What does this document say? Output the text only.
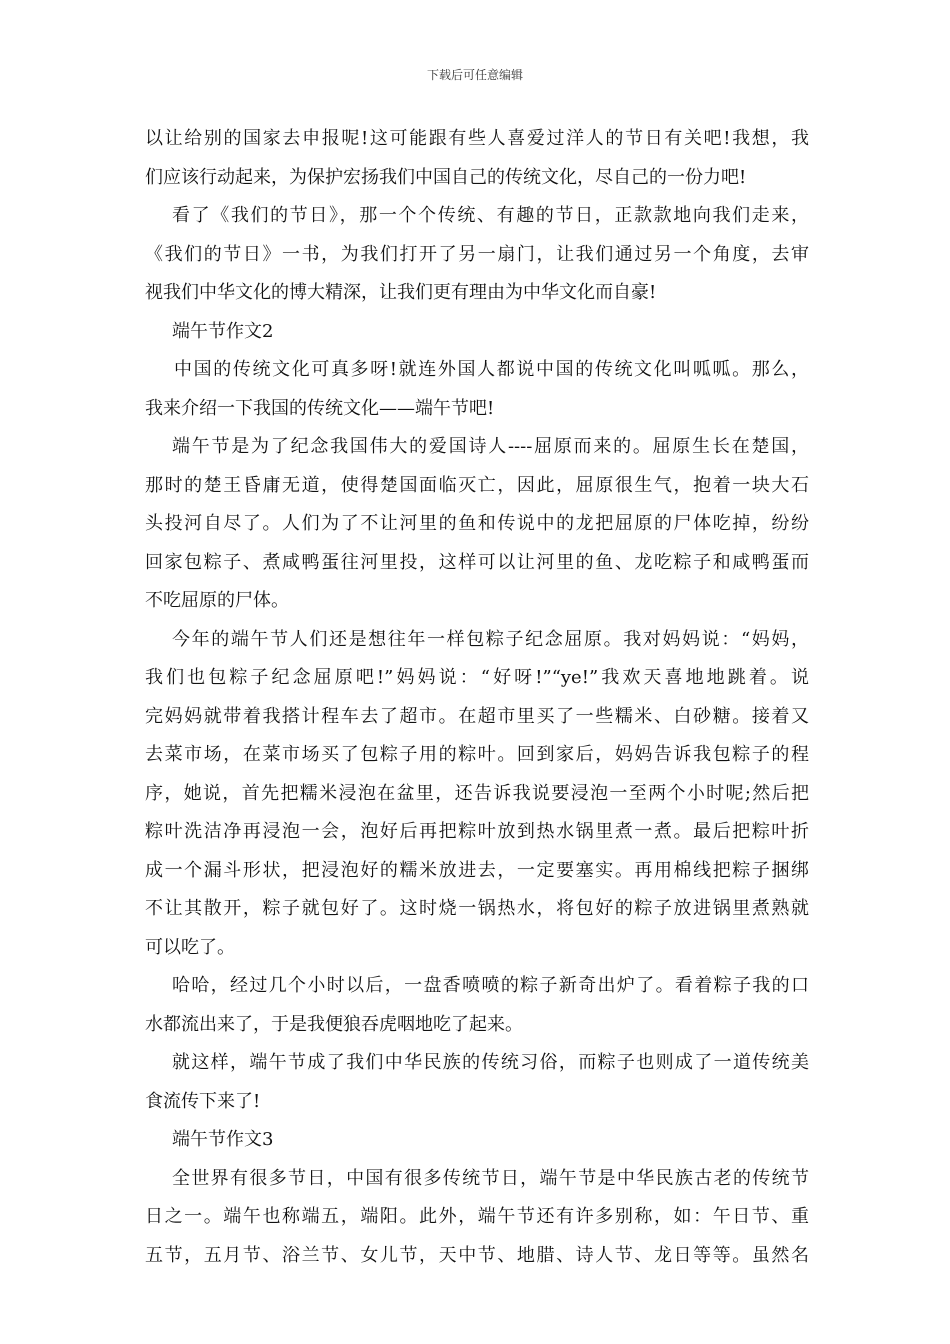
下载后可任意编辑
以让给别的国家去申报呢!这可能跟有些人喜爱过洋人的节日有关吧!我想，我
们应该行动起来，为保护宏扬我们中国自己的传统文化，尽自己的一份力吧!
看了《我们的节日》，那一个个传统、有趣的节日，正款款地向我们走来，
《我们的节日》一书，为我们打开了另一扇门，让我们通过另一个角度，去审
视我们中华文化的博大精深，让我们更有理由为中华文化而自豪!
端午节作文2
中国的传统文化可真多呀!就连外国人都说中国的传统文化叫呱呱。那么，
我来介绍一下我国的传统文化——端午节吧!
端午节是为了纪念我国伟大的爱国诗人----屈原而来的。屈原生长在楚国，
那时的楚王昏庸无道，使得楚国面临灭亡，因此，屈原很生气，抱着一块大石
头投河自尽了。人们为了不让河里的鱼和传说中的龙把屈原的尸体吃掉，纷纷
回家包粽子、煮咸鸭蛋往河里投，这样可以让河里的鱼、龙吃粽子和咸鸭蛋而
不吃屈原的尸体。
今年的端午节人们还是想往年一样包粽子纪念屈原。我对妈妈说：“妈妈，
我们也包粽子纪念屈原吧!”妈妈说：“好呀!”“ye!”我欢天喜地地跳着。说
完妈妈就带着我搭计程车去了超市。在超市里买了一些糯米、白砂糖。接着又
去菜市场，在菜市场买了包粽子用的粽叶。回到家后，妈妈告诉我包粽子的程
序，她说，首先把糯米浸泡在盆里，还告诉我说要浸泡一至两个小时呢;然后把
粽叶洗洁净再浸泡一会，泡好后再把粽叶放到热水锅里煮一煮。最后把粽叶折
成一个漏斗形状，把浸泡好的糯米放进去，一定要塞实。再用棉线把粽子捆绑
不让其散开，粽子就包好了。这时烧一锅热水，将包好的粽子放进锅里煮熟就
可以吃了。
哈哈，经过几个小时以后，一盘香喷喷的粽子新奇出炉了。看着粽子我的口
水都流出来了，于是我便狼吞虎咽地吃了起来。
就这样，端午节成了我们中华民族的传统习俗，而粽子也则成了一道传统美
食流传下来了!
端午节作文3
全世界有很多节日，中国有很多传统节日，端午节是中华民族古老的传统节
日之一。端午也称端五，端阳。此外，端午节还有许多别称，如：午日节、重
五节，五月节、浴兰节、女儿节，天中节、地腊、诗人节、龙日等等。虽然名
